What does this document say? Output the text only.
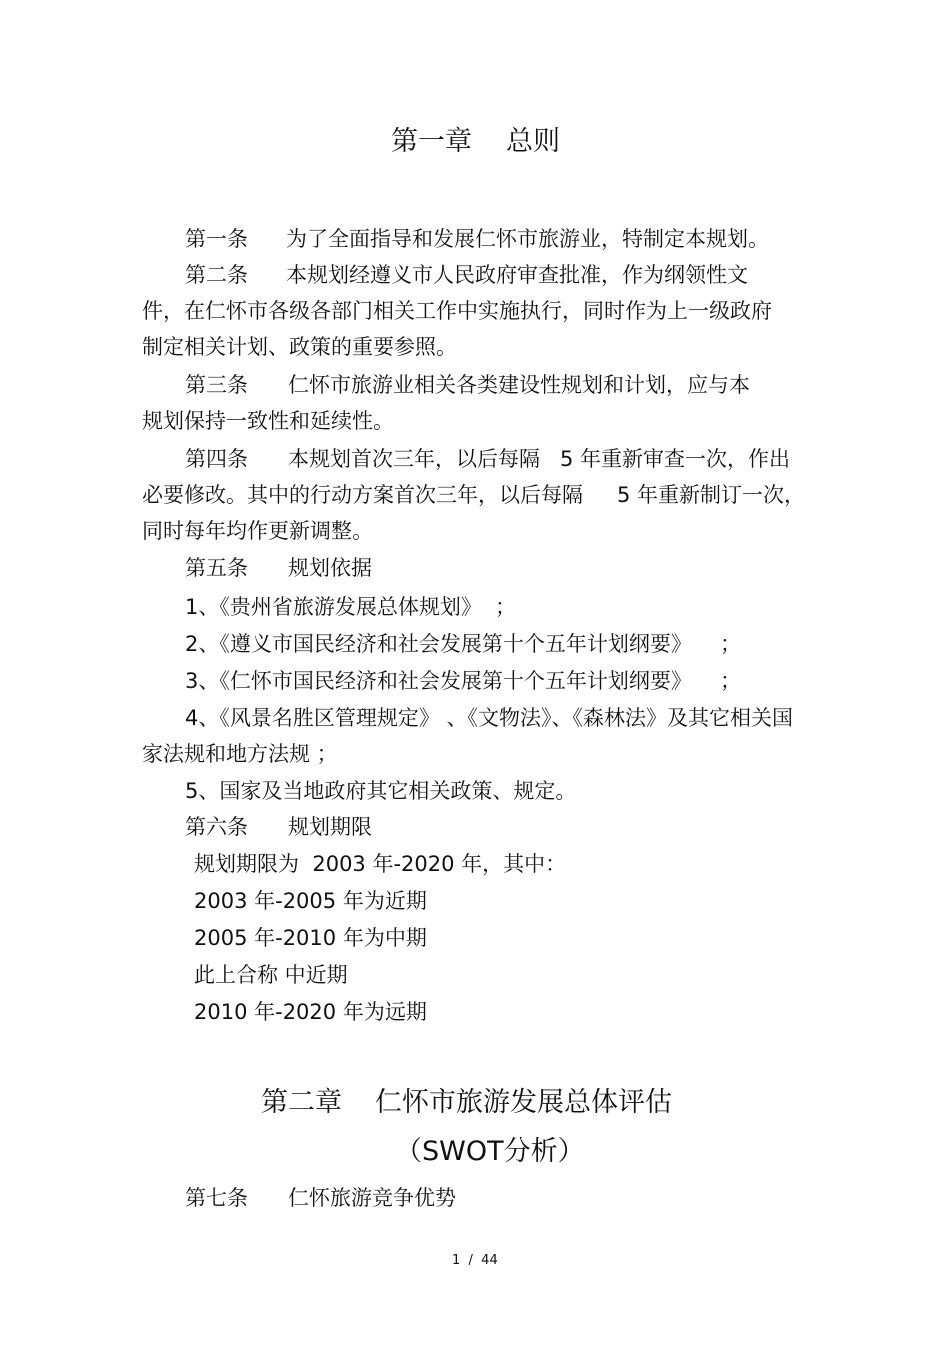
第一章 总则
第一条 为了全面指导和发展仁怀市旅游业，特制定本规划。
第二条 本规划经遵义市人民政府审查批准，作为纲领性文
件，在仁怀市各级各部门相关工作中实施执行，同时作为上一级政府
制定相关计划、政策的重要参照。
第三条 仁怀市旅游业相关各类建设性规划和计划，应与本
规划保持一致性和延续性。
第四条 本规划首次三年，以后每隔 5 年重新审查一次，作出
必要修改。其中的行动方案首次三年，以后每隔 5 年重新制订一次，
同时每年均作更新调整。
第五条 规划依据
1、《贵州省旅游发展总体规划》 ；
2、《遵义市国民经济和社会发展第十个五年计划纲要》 ；
3、《仁怀市国民经济和社会发展第十个五年计划纲要》 ；
4、《风景名胜区管理规定》 、《文物法》、《森林法》及其它相关国
家法规和地方法规 ；
5、国家及当地政府其它相关政策、规定。
第六条 规划期限
规划期限为  2003 年-2020 年，其中：
2003 年-2005 年为近期
2005 年-2010 年为中期
此上合称 中近期
2010 年-2020 年为远期
第二章 仁怀市旅游发展总体评估
（SWOT分析）
第七条 仁怀旅游竞争优势
1  /  44
